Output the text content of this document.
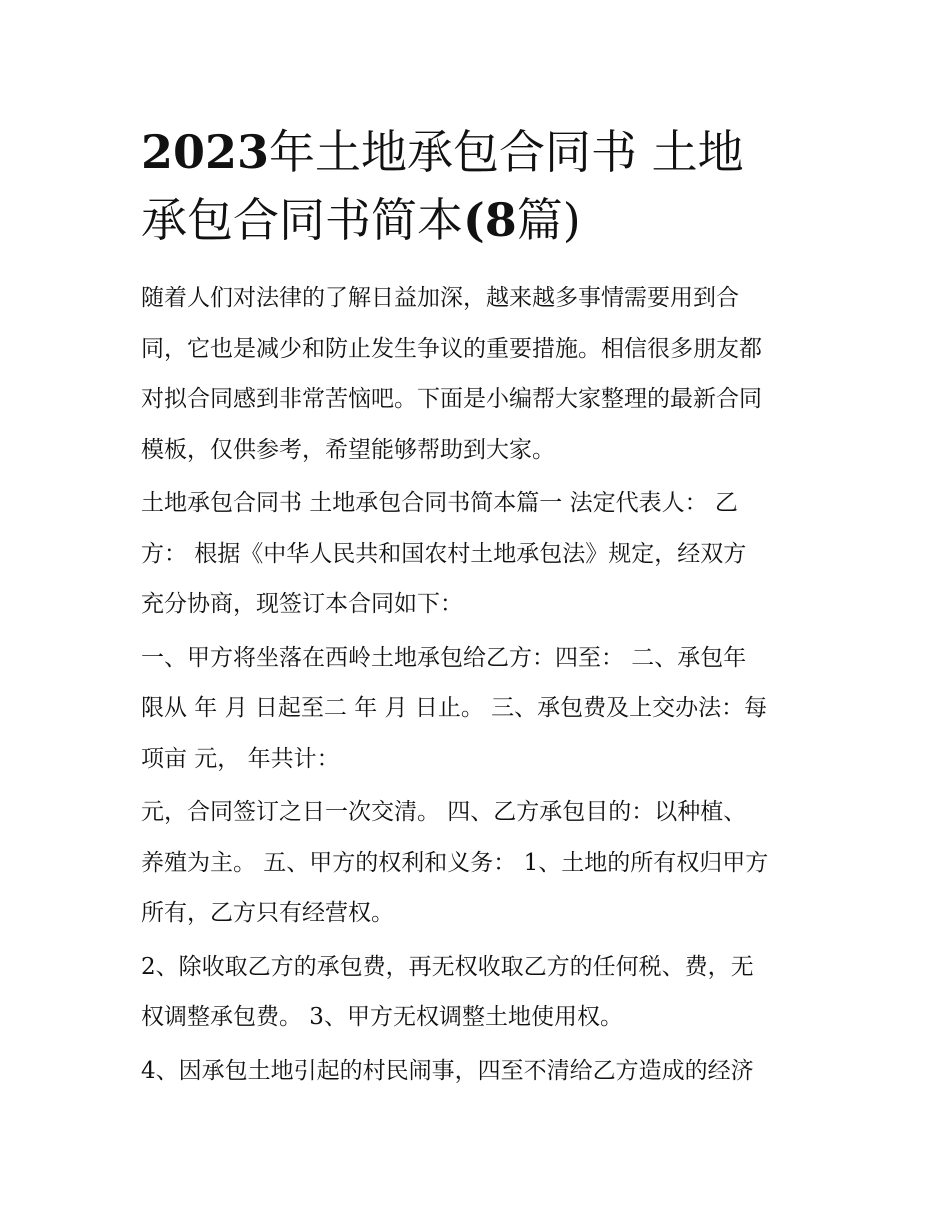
2023年土地承包合同书 土地
承包合同书简本(8篇)

随着人们对法律的了解日益加深，越来越多事情需要用到合
同，它也是减少和防止发生争议的重要措施。相信很多朋友都
对拟合同感到非常苦恼吧。下面是小编帮大家整理的最新合同
模板，仅供参考，希望能够帮助到大家。

土地承包合同书 土地承包合同书简本篇一 法定代表人： 乙
方： 根据《中华人民共和国农村土地承包法》规定，经双方
充分协商，现签订本合同如下：

一、甲方将坐落在西岭土地承包给乙方：四至： 二、承包年
限从 年 月 日起至二 年 月 日止。 三、承包费及上交办法：每
项亩 元， 年共计：

元，合同签订之日一次交清。 四、乙方承包目的：以种植、
养殖为主。 五、甲方的权利和义务： 1、土地的所有权归甲方
所有，乙方只有经营权。

2、除收取乙方的承包费，再无权收取乙方的任何税、费，无
权调整承包费。 3、甲方无权调整土地使用权。

4、因承包土地引起的村民闹事，四至不清给乙方造成的经济
